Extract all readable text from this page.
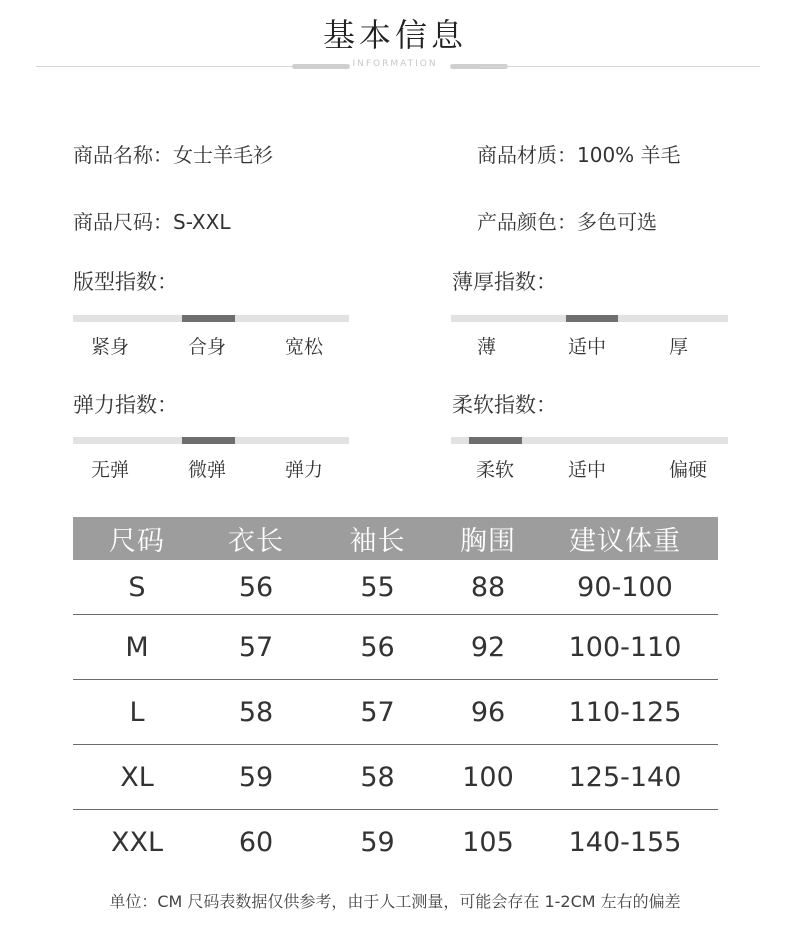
基本信息
INFORMATION
商品名称：女士羊毛衫	商品材质：100% 羊毛
商品尺码：S-XXL	产品颜色：多色可选
版型指数：
紧身	合身	宽松
薄厚指数：
薄	适中	厚
弹力指数：
无弹	微弹	弹力
柔软指数：
柔软	适中	偏硬
尺码	衣长	袖长	胸围	建议体重
S	56	55	88	90-100
M	57	56	92	100-110
L	58	57	96	110-125
XL	59	58	100	125-140
XXL	60	59	105	140-155
单位：CM 尺码表数据仅供参考，由于人工测量，可能会存在 1-2CM 左右的偏差
